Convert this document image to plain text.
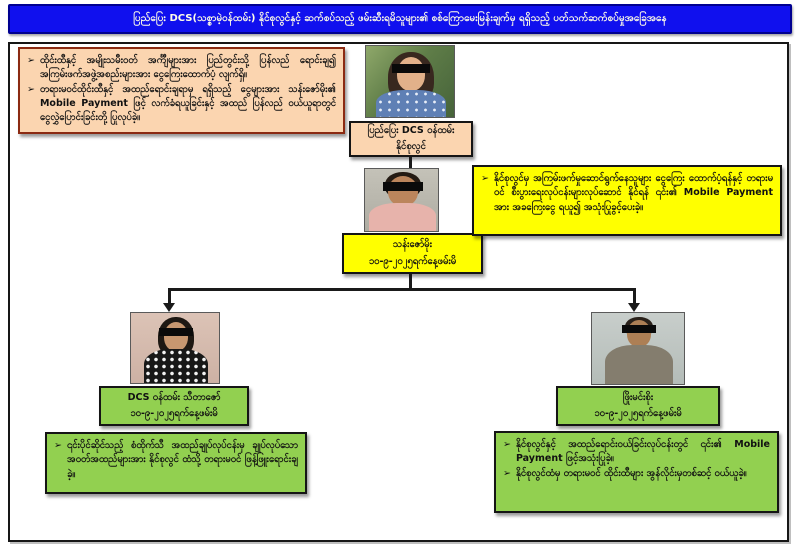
ပြည်ပြေး DCS(သစ္စာမဲ့ဝန်ထမ်း) နိုင်စုလွင်နှင့် ဆက်စပ်သည့် ဖမ်းဆီးရမိသူများ၏ စစ်ကြောမေးမြန်းချက်မှ ရရှိသည့် ပတ်သက်ဆက်စပ်မှုအခြေအနေ
➢ ထိုင်းထီနှင့် အမျိုးသမီးဝတ် အင်္ကျီများအား ပြည်တွင်းသို့ ပြန်လည် ရောင်းချ၍ အကြမ်းဖက်အဖွဲ့အစည်းများအား ငွေကြေးထောက်ပံ့ လျက်ရှိ။
➢ တရားမဝင်ထိုင်းထီနှင့် အထည်ရောင်းချရာမှ ရရှိသည့် ငွေများအား သန်းဇော်မိုး၏ Mobile Payment ဖြင့် လက်ခံရယူခြင်းနှင့် အထည် ပြန်လည် ဝယ်ယူရာတွင် ငွေလွှဲပြောင်းခြင်းတို့ ပြုလုပ်ခဲ့။
ပြည်ပြေး DCS ဝန်ထမ်း
နိုင်စုလွင်
သန်းဇော်မိုး
၁၀-၉-၂၀၂၅ရက်နေ့ဖမ်းမိ
➢ နိုင်စုလွင်မှ အကြမ်းဖက်မှုဆောင်ရွက်နေသူများ ငွေကြေး ထောက်ပံ့ရန်နှင့် တရားမဝင် စီးပွားရေးလုပ်ငန်းများလုပ်ဆောင် နိုင်ရန် ၎င်း၏ Mobile Payment အား အခကြေးငွေ ရယူ၍ အသုံးပြုခွင့်ပေးခဲ့။
DCS ဝန်ထမ်း သီတာဇော်
၁၀-၉-၂၀၂၅ရက်နေ့ဖမ်းမိ
➢ ၎င်းပိုင်ဆိုင်သည့် စံထိုက်သီ အထည်ချုပ်လုပ်ငန်းမှ ချုပ်လုပ်သော အဝတ်အထည်များအား နိုင်စုလွင် ထံသို့ တရားမဝင် ဖြန့်ဖြူးရောင်းချခဲ့။
ဖြိုးမင်းစိုး
၁၀-၉-၂၀၂၅ရက်နေ့ဖမ်းမိ
➢ နိုင်စုလွင်နှင့် အထည်ရောင်းဝယ်ခြင်းလုပ်ငန်းတွင် ၎င်း၏ Mobile Payment ဖြင့်အသုံးပြုခဲ့။
➢ နိုင်စုလွင်ထံမှ တရားမဝင် ထိုင်းထီများ အွန်လိုင်းမှတစ်ဆင့် ဝယ်ယူခဲ့။
